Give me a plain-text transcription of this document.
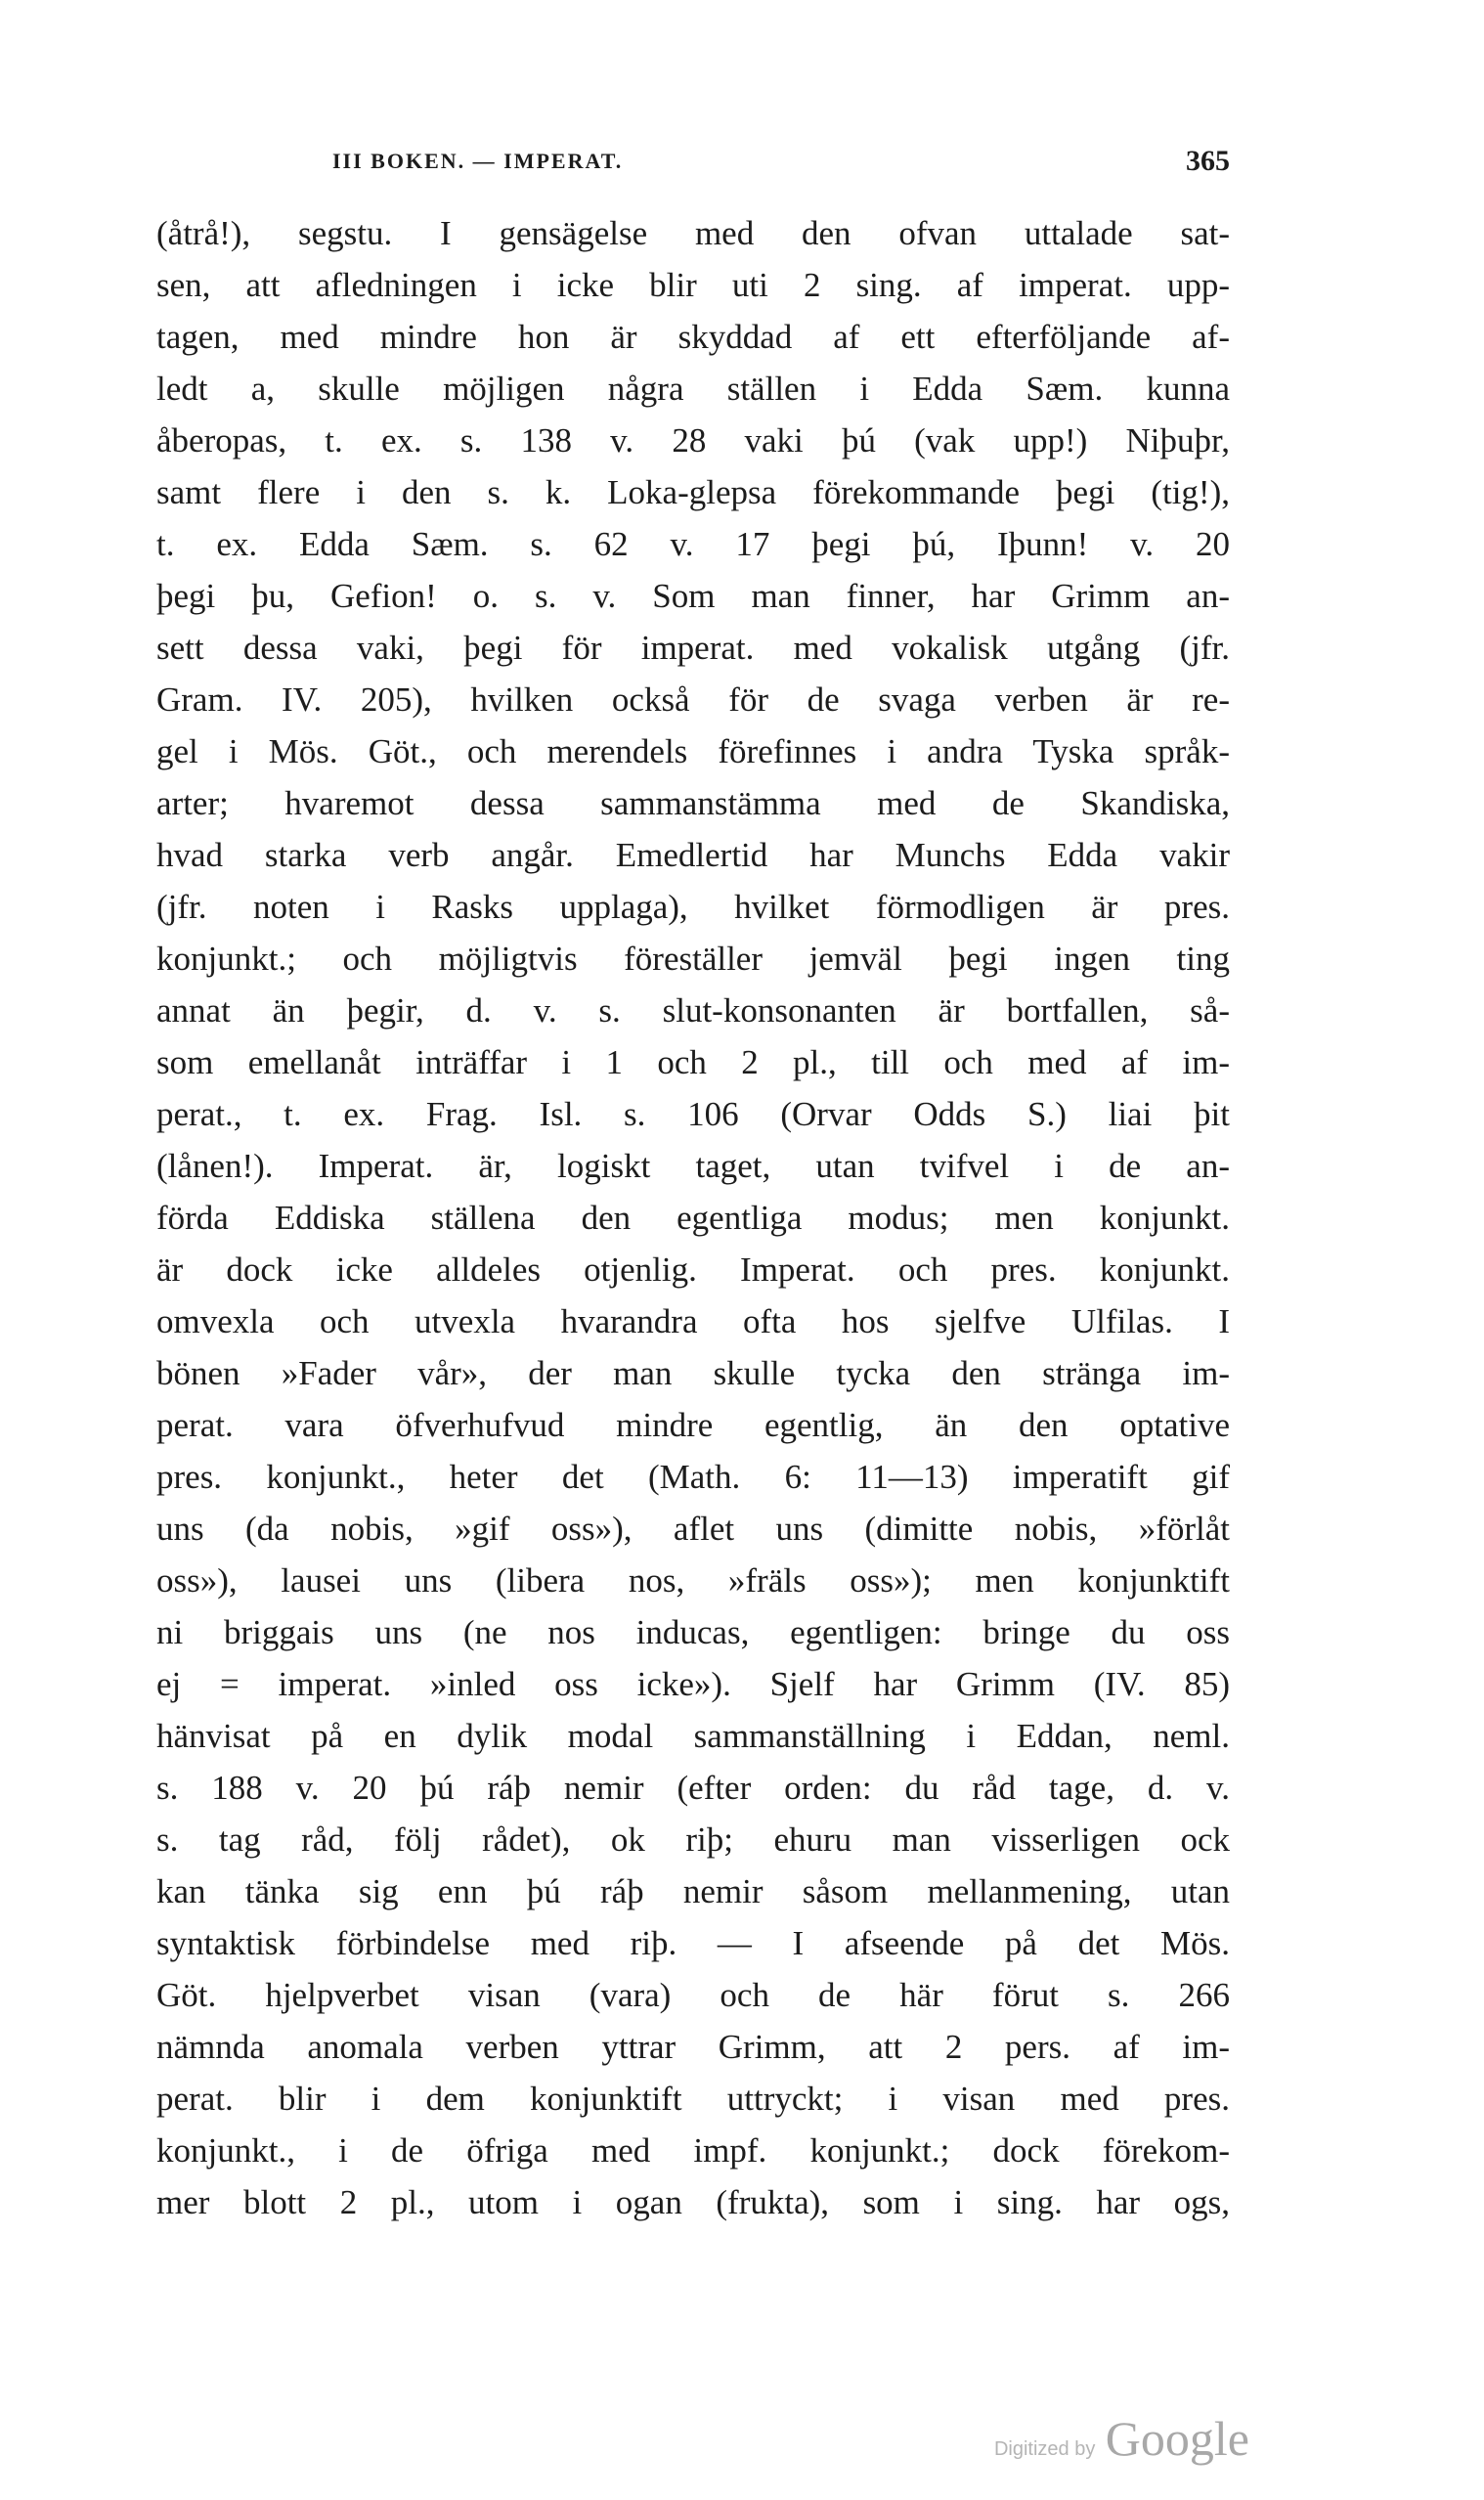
III BOKEN. — IMPERAT.	365
(åtrå!), segstu. I gensägelse med den ofvan uttalade sat-
sen, att afledningen i icke blir uti 2 sing. af imperat. upp-
tagen, med mindre hon är skyddad af ett efterföljande af-
ledt a, skulle möjligen några ställen i Edda Sæm. kunna
åberopas, t. ex. s. 138 v. 28 vaki þú (vak upp!) Niþuþr,
samt flere i den s. k. Loka-glepsa förekommande þegi (tig!),
t. ex. Edda Sæm. s. 62 v. 17 þegi þú, Iþunn! v. 20
þegi þu, Gefion! o. s. v. Som man finner, har Grimm an-
sett dessa vaki, þegi för imperat. med vokalisk utgång (jfr.
Gram. IV. 205), hvilken också för de svaga verben är re-
gel i Mös. Göt., och merendels förefinnes i andra Tyska språk-
arter; hvaremot dessa sammanstämma med de Skandiska,
hvad starka verb angår. Emedlertid har Munchs Edda vakir
(jfr. noten i Rasks upplaga), hvilket förmodligen är pres.
konjunkt.; och möjligtvis föreställer jemväl þegi ingen ting
annat än þegir, d. v. s. slut-konsonanten är bortfallen, så-
som emellanåt inträffar i 1 och 2 pl., till och med af im-
perat., t. ex. Frag. Isl. s. 106 (Orvar Odds S.) liai þit
(lånen!). Imperat. är, logiskt taget, utan tvifvel i de an-
förda Eddiska ställena den egentliga modus; men konjunkt.
är dock icke alldeles otjenlig. Imperat. och pres. konjunkt.
omvexla och utvexla hvarandra ofta hos sjelfve Ulfilas. I
bönen »Fader vår», der man skulle tycka den stränga im-
perat. vara öfverhufvud mindre egentlig, än den optative
pres. konjunkt., heter det (Math. 6: 11—13) imperatift gif
uns (da nobis, »gif oss»), aflet uns (dimitte nobis, »förlåt
oss»), lausei uns (libera nos, »fräls oss»); men konjunktift
ni briggais uns (ne nos inducas, egentligen: bringe du oss
ej = imperat. »inled oss icke»). Sjelf har Grimm (IV. 85)
hänvisat på en dylik modal sammanställning i Eddan, neml.
s. 188 v. 20 þú ráþ nemir (efter orden: du råd tage, d. v.
s. tag råd, följ rådet), ok riþ; ehuru man visserligen ock
kan tänka sig enn þú ráþ nemir såsom mellanmening, utan
syntaktisk förbindelse med riþ. — I afseende på det Mös.
Göt. hjelpverbet visan (vara) och de här förut s. 266
nämnda anomala verben yttrar Grimm, att 2 pers. af im-
perat. blir i dem konjunktift uttryckt; i visan med pres.
konjunkt., i de öfriga med impf. konjunkt.; dock förekom-
mer blott 2 pl., utom i ogan (frukta), som i sing. har ogs,
Digitized by Google
